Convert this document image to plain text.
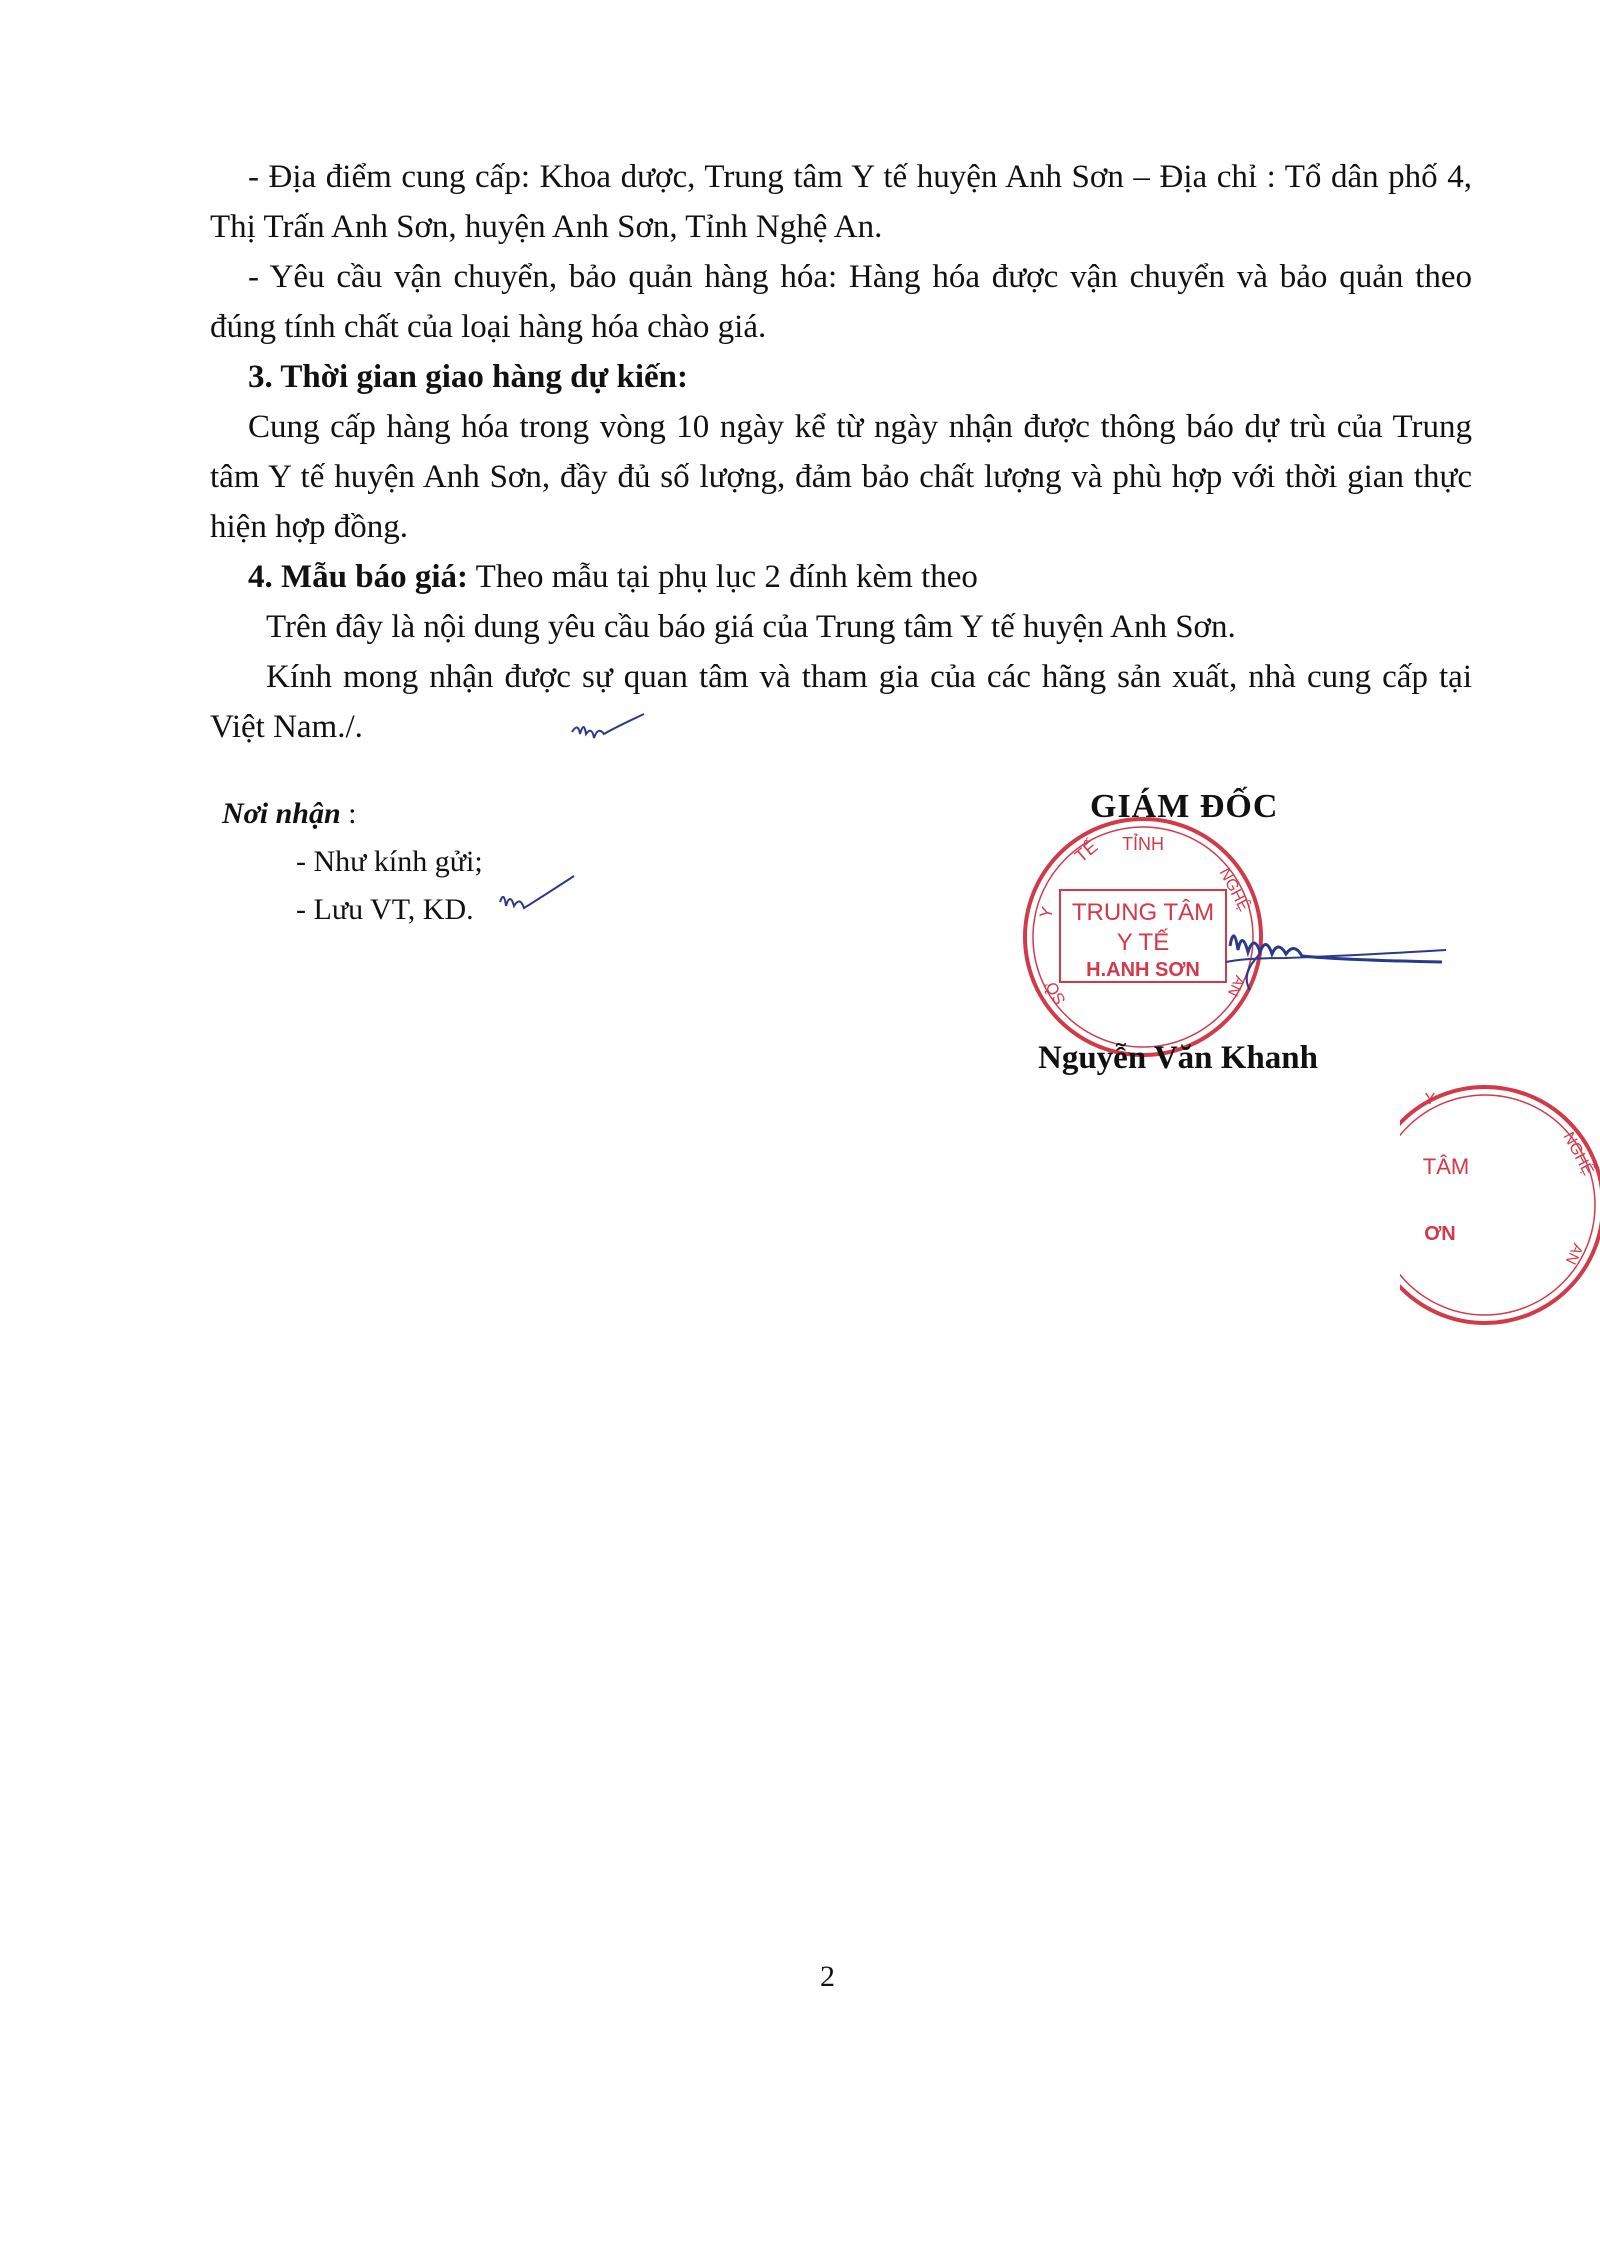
- Địa điểm cung cấp: Khoa dược, Trung tâm Y tế huyện Anh Sơn – Địa chỉ : Tổ dân phố 4, Thị Trấn Anh Sơn, huyện Anh Sơn, Tỉnh Nghệ An.

- Yêu cầu vận chuyển, bảo quản hàng hóa: Hàng hóa được vận chuyển và bảo quản theo đúng tính chất của loại hàng hóa chào giá.

3. Thời gian giao hàng dự kiến:

Cung cấp hàng hóa trong vòng 10 ngày kể từ ngày nhận được thông báo dự trù của Trung tâm Y tế huyện Anh Sơn, đầy đủ số lượng, đảm bảo chất lượng và phù hợp với thời gian thực hiện hợp đồng.

4. Mẫu báo giá: Theo mẫu tại phụ lục 2 đính kèm theo

Trên đây là nội dung yêu cầu báo giá của Trung tâm Y tế huyện Anh Sơn.

Kính mong nhận được sự quan tâm và tham gia của các hãng sản xuất, nhà cung cấp tại Việt Nam./.

Nơi nhận :
- Như kính gửi;
- Lưu VT, KD.
GIÁM ĐỐC
TỈNH
TẾ
Y
SỞ
NGHỆ
AN
TRUNG TÂM
Y TẾ
H.ANH SƠN
Nguyễn Văn Khanh
Y
TÂM
ƠN
NGHỆ
AN
2
